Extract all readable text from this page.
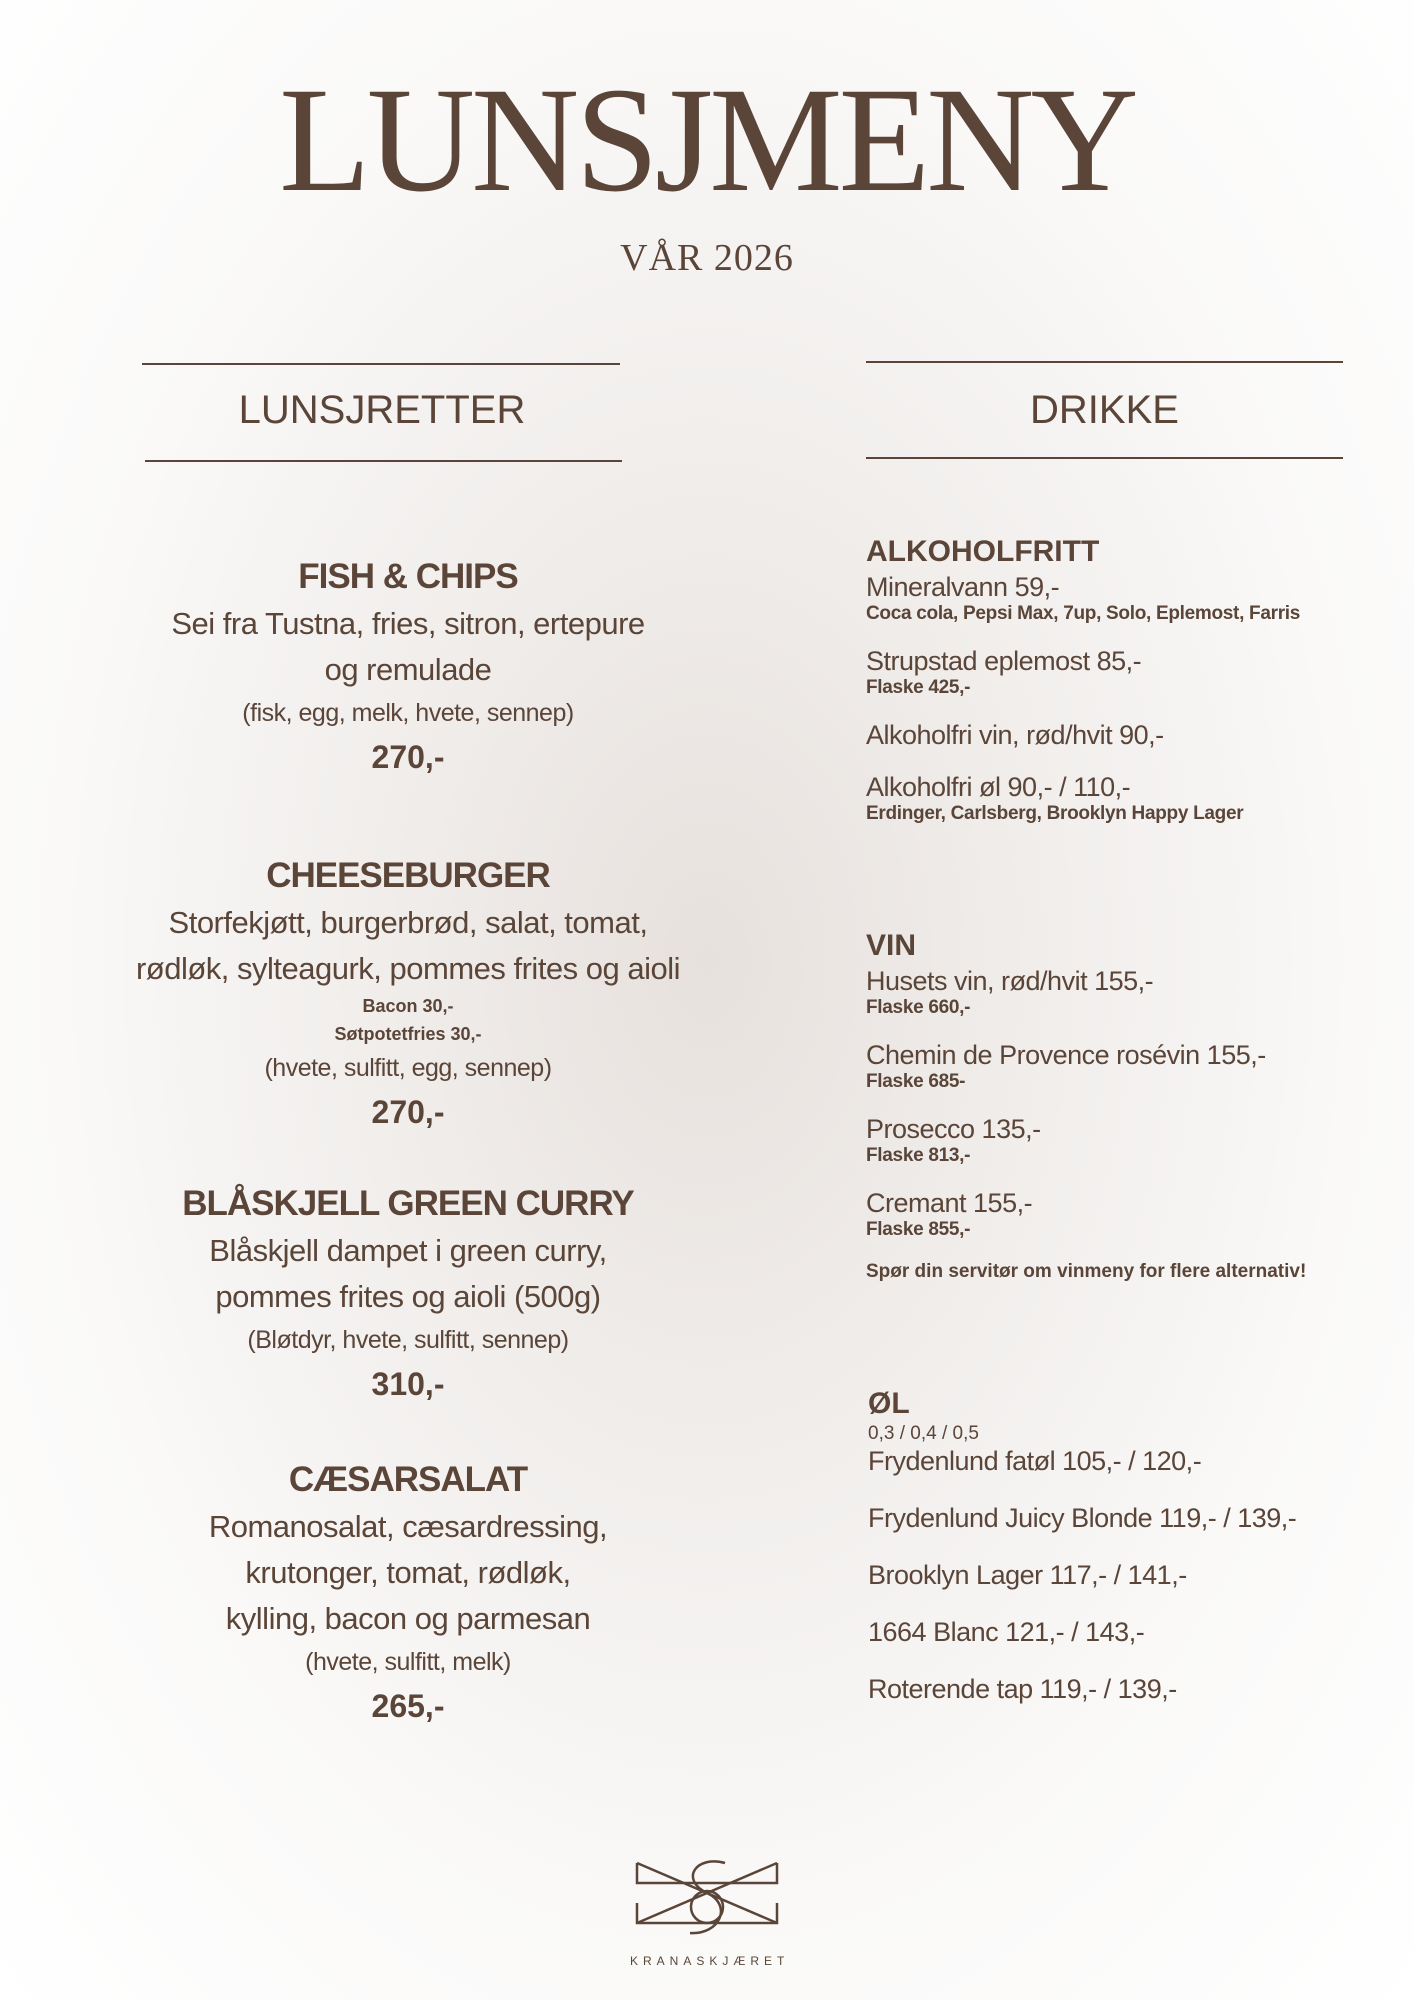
LUNSJMENY
VÅR 2026
LUNSJRETTER	DRIKKE
FISH & CHIPS
Sei fra Tustna, fries, sitron, ertepure
og remulade
(fisk, egg, melk, hvete, sennep)
270,-
CHEESEBURGER
Storfekjøtt, burgerbrød, salat, tomat,
rødløk, sylteagurk, pommes frites og aioli
Bacon 30,-
Søtpotetfries 30,-
(hvete, sulfitt, egg, sennep)
270,-
BLÅSKJELL GREEN CURRY
Blåskjell dampet i green curry,
pommes frites og aioli (500g)
(Bløtdyr, hvete, sulfitt, sennep)
310,-
CÆSARSALAT
Romanosalat, cæsardressing,
krutonger, tomat, rødløk,
kylling, bacon og parmesan
(hvete, sulfitt, melk)
265,-
ALKOHOLFRITT
Mineralvann 59,-
Coca cola, Pepsi Max, 7up, Solo, Eplemost, Farris
Strupstad eplemost 85,-
Flaske 425,-
Alkoholfri vin, rød/hvit 90,-
Alkoholfri øl 90,- / 110,-
Erdinger, Carlsberg, Brooklyn Happy Lager
VIN
Husets vin, rød/hvit 155,-
Flaske 660,-
Chemin de Provence rosévin 155,-
Flaske 685-
Prosecco 135,-
Flaske 813,-
Cremant 155,-
Flaske 855,-
Spør din servitør om vinmeny for flere alternativ!
ØL
0,3 / 0,4 / 0,5
Frydenlund fatøl 105,- / 120,-
Frydenlund Juicy Blonde 119,- / 139,-
Brooklyn Lager 117,- / 141,-
1664 Blanc 121,- / 143,-
Roterende tap 119,- / 139,-
KRANASKJÆRET
